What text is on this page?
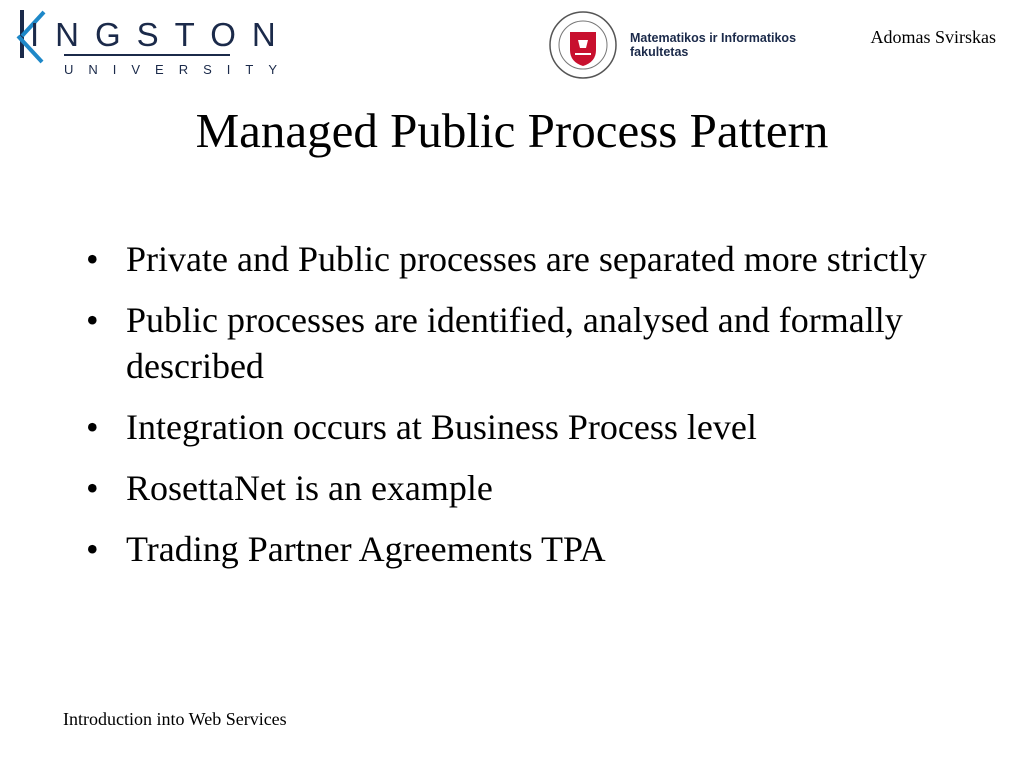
INGSTON
UNIVERSITY
Matematikos ir Informatikos
fakultetas
Adomas Svirskas
Managed Public Process Pattern
• Private and Public processes are separated more strictly
• Public processes are identified, analysed and formally described
• Integration occurs at Business Process level
• RosettaNet is an example
• Trading Partner Agreements TPA
Introduction into Web Services
